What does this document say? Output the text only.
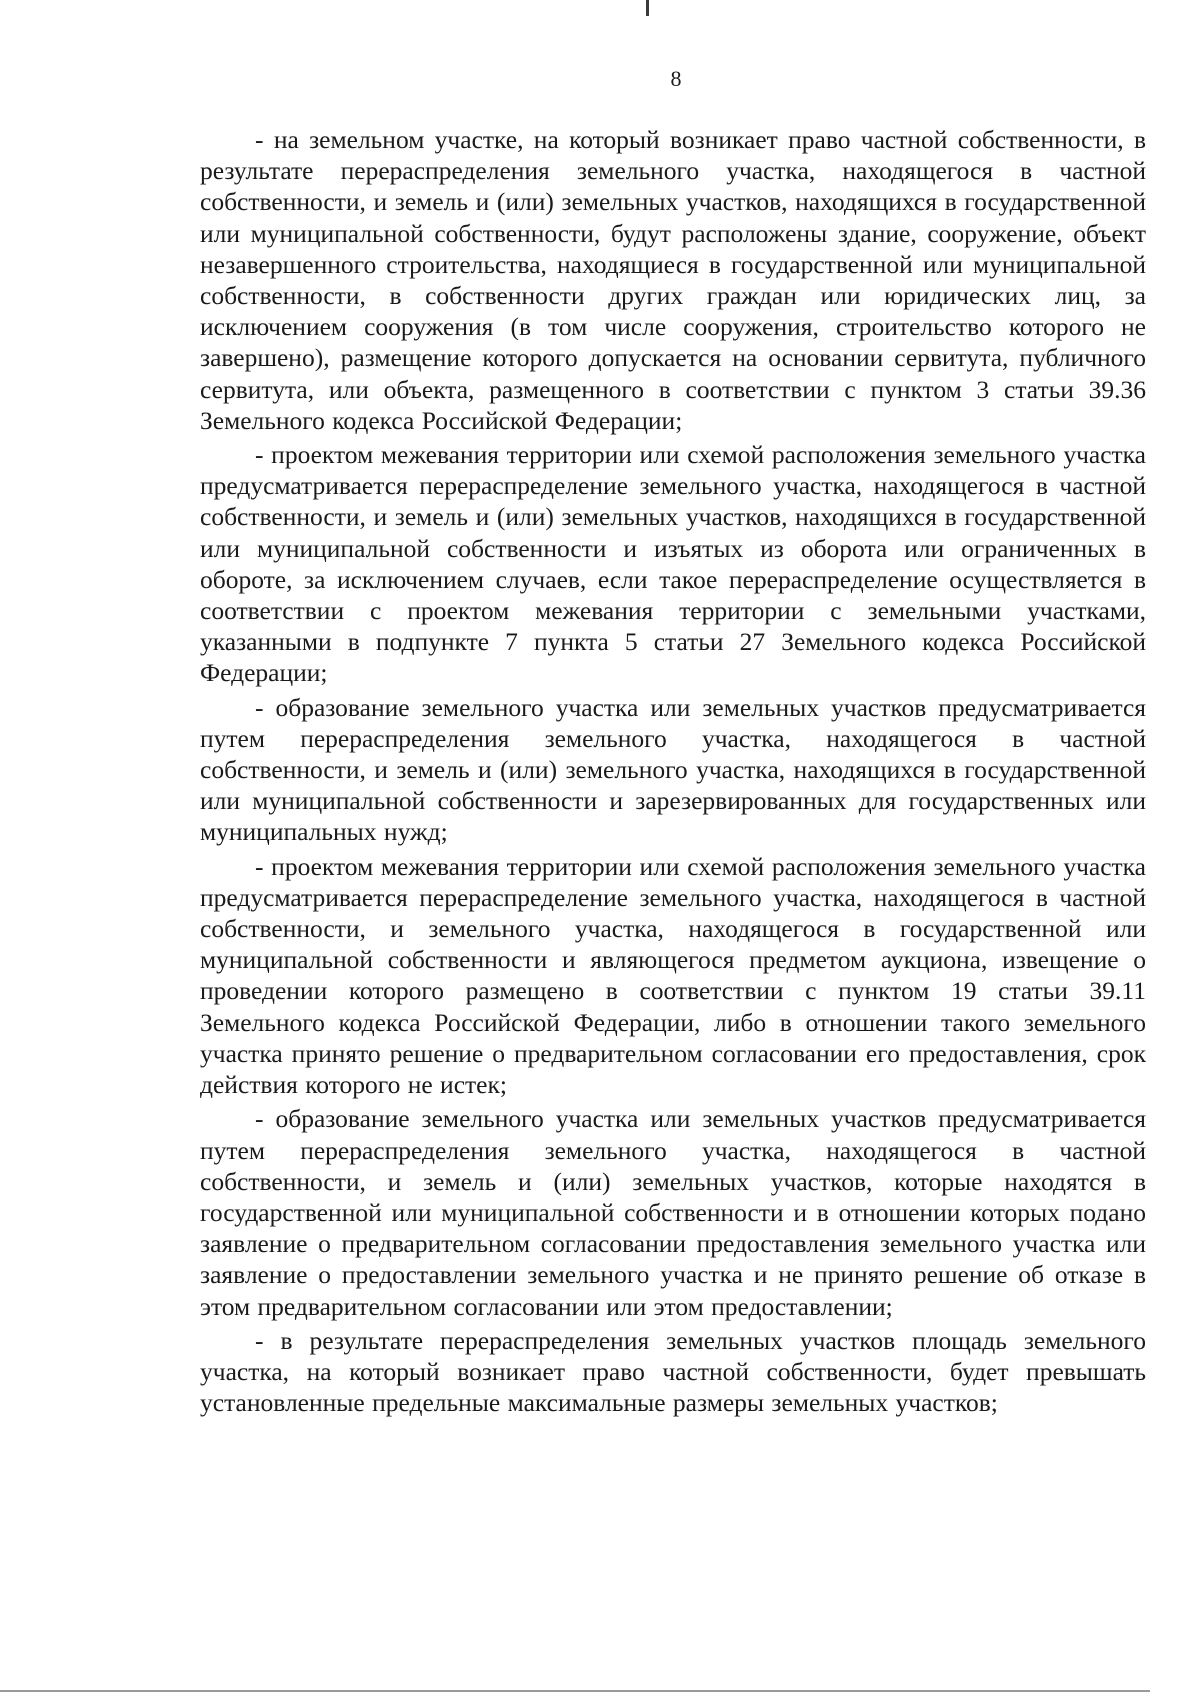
8

- на земельном участке, на который возникает право частной собственности, в результате перераспределения земельного участка, находящегося в частной собственности, и земель и (или) земельных участков, находящихся в государственной или муниципальной собственности, будут расположены здание, сооружение, объект незавершенного строительства, находящиеся в государственной или муниципальной собственности, в собственности других граждан или юридических лиц, за исключением сооружения (в том числе сооружения, строительство которого не завершено), размещение которого допускается на основании сервитута, публичного сервитута, или объекта, размещенного в соответствии с пунктом 3 статьи 39.36 Земельного кодекса Российской Федерации;

- проектом межевания территории или схемой расположения земельного участка предусматривается перераспределение земельного участка, находящегося в частной собственности, и земель и (или) земельных участков, находящихся в государственной или муниципальной собственности и изъятых из оборота или ограниченных в обороте, за исключением случаев, если такое перераспределение осуществляется в соответствии с проектом межевания территории с земельными участками, указанными в подпункте 7 пункта 5 статьи 27 Земельного кодекса Российской Федерации;

- образование земельного участка или земельных участков предусматривается путем перераспределения земельного участка, находящегося в частной собственности, и земель и (или) земельного участка, находящихся в государственной или муниципальной собственности и зарезервированных для государственных или муниципальных нужд;

- проектом межевания территории или схемой расположения земельного участка предусматривается перераспределение земельного участка, находящегося в частной собственности, и земельного участка, находящегося в государственной или муниципальной собственности и являющегося предметом аукциона, извещение о проведении которого размещено в соответствии с пунктом 19 статьи 39.11 Земельного кодекса Российской Федерации, либо в отношении такого земельного участка принято решение о предварительном согласовании его предоставления, срок действия которого не истек;

- образование земельного участка или земельных участков предусматривается путем перераспределения земельного участка, находящегося в частной собственности, и земель и (или) земельных участков, которые находятся в государственной или муниципальной собственности и в отношении которых подано заявление о предварительном согласовании предоставления земельного участка или заявление о предоставлении земельного участка и не принято решение об отказе в этом предварительном согласовании или этом предоставлении;

- в результате перераспределения земельных участков площадь земельного участка, на который возникает право частной собственности, будет превышать установленные предельные максимальные размеры земельных участков;
